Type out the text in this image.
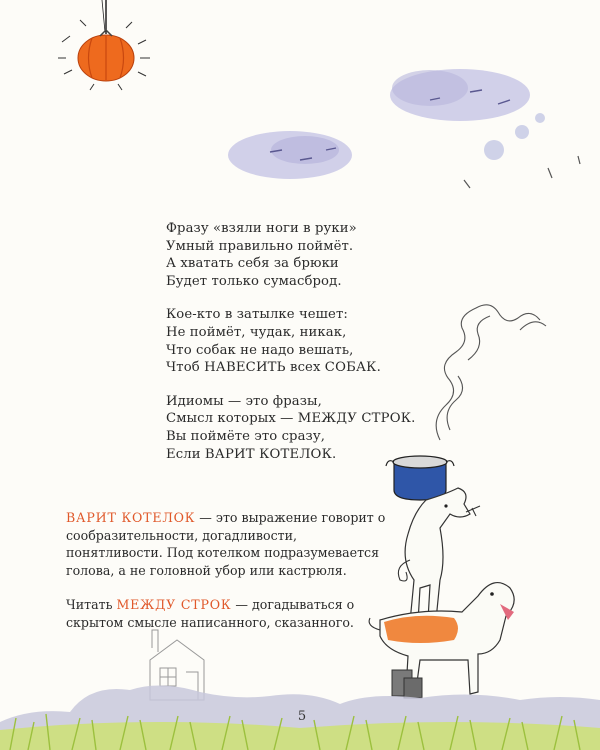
Фразу «взяли ноги в руки»
Умный правильно поймёт.
А хватать себя за брюки
Будет только сумасброд.
Кое-кто в затылке чешет:
Не поймёт, чудак, никак,
Что собак не надо вешать,
Чтоб НАВЕСИТЬ всех СОБАК.
Идиомы — это фразы,
Смысл которых — МЕЖДУ СТРОК.
Вы поймёте это сразу,
Если ВАРИТ КОТЕЛОК.

ВАРИТ КОТЕЛОК — это выражение говорит о сообразительности, догадливости, понятливости. Под котелком подразумевается голова, а не головной убор или кастрюля.

Читать МЕЖДУ СТРОК — догадываться о скрытом смысле написанного, сказанного.

5
